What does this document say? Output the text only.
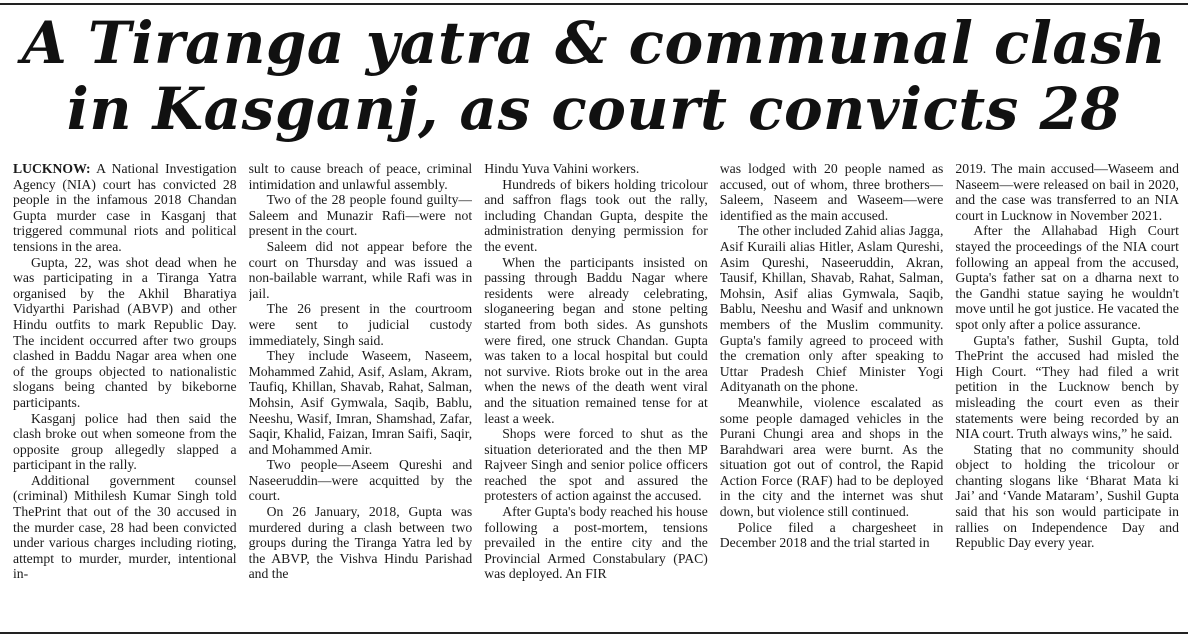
A Tiranga yatra & communal clash
in Kasganj, as court convicts 28

LUCKNOW: A National Investigation Agency (NIA) court has convicted 28 people in the infamous 2018 Chandan Gupta murder case in Kasganj that triggered communal riots and political tensions in the area.

Gupta, 22, was shot dead when he was participating in a Tiranga Yatra organised by the Akhil Bharatiya Vidyarthi Parishad (ABVP) and other Hindu outfits to mark Republic Day. The incident occurred after two groups clashed in Baddu Nagar area when one of the groups objected to nationalistic slogans being chanted by bikeborne participants.

Kasganj police had then said the clash broke out when someone from the opposite group allegedly slapped a participant in the rally.

Additional government counsel (criminal) Mithilesh Kumar Singh told ThePrint that out of the 30 accused in the murder case, 28 had been convicted under various charges including rioting, attempt to murder, murder, intentional in-

sult to cause breach of peace, criminal intimidation and unlawful assembly.

Two of the 28 people found guilty—Saleem and Munazir Rafi—were not present in the court.

Saleem did not appear before the court on Thursday and was issued a non-bailable warrant, while Rafi was in jail.

The 26 present in the courtroom were sent to judicial custody immediately, Singh said.

They include Waseem, Naseem, Mohammed Zahid, Asif, Aslam, Akram, Taufiq, Khillan, Shavab, Rahat, Salman, Mohsin, Asif Gymwala, Saqib, Bablu, Neeshu, Wasif, Imran, Shamshad, Zafar, Saqir, Khalid, Faizan, Imran Saifi, Saqir, and Mohammed Amir.

Two people—Aseem Qureshi and Naseeruddin—were acquitted by the court.

On 26 January, 2018, Gupta was murdered during a clash between two groups during the Tiranga Yatra led by the ABVP, the Vishva Hindu Parishad and the

Hindu Yuva Vahini workers.

Hundreds of bikers holding tricolour and saffron flags took out the rally, including Chandan Gupta, despite the administration denying permission for the event.

When the participants insisted on passing through Baddu Nagar where residents were already celebrating, sloganeering began and stone pelting started from both sides. As gunshots were fired, one struck Chandan. Gupta was taken to a local hospital but could not survive. Riots broke out in the area when the news of the death went viral and the situation remained tense for at least a week.

Shops were forced to shut as the situation deteriorated and the then MP Rajveer Singh and senior police officers reached the spot and assured the protesters of action against the accused.

After Gupta's body reached his house following a post-mortem, tensions prevailed in the entire city and the Provincial Armed Constabulary (PAC) was deployed. An FIR

was lodged with 20 people named as accused, out of whom, three brothers— Saleem, Naseem and Waseem—were identified as the main accused.

The other included Zahid alias Jagga, Asif Kuraili alias Hitler, Aslam Qureshi, Asim Qureshi, Naseeruddin, Akran, Tausif, Khillan, Shavab, Rahat, Salman, Mohsin, Asif alias Gymwala, Saqib, Bablu, Neeshu and Wasif and unknown members of the Muslim community. Gupta's family agreed to proceed with the cremation only after speaking to Uttar Pradesh Chief Minister Yogi Adityanath on the phone.

Meanwhile, violence escalated as some people damaged vehicles in the Purani Chungi area and shops in the Barahdwari area were burnt. As the situation got out of control, the Rapid Action Force (RAF) had to be deployed in the city and the internet was shut down, but violence still continued.

Police filed a chargesheet in December 2018 and the trial started in

2019. The main accused—Waseem and Naseem—were released on bail in 2020, and the case was transferred to an NIA court in Lucknow in November 2021.

After the Allahabad High Court stayed the proceedings of the NIA court following an appeal from the accused, Gupta's father sat on a dharna next to the Gandhi statue saying he wouldn't move until he got justice. He vacated the spot only after a police assurance.

Gupta's father, Sushil Gupta, told ThePrint the accused had misled the High Court. “They had filed a writ petition in the Lucknow bench by misleading the court even as their statements were being recorded by an NIA court. Truth always wins,” he said.

Stating that no community should object to holding the tricolour or chanting slogans like ‘Bharat Mata ki Jai’ and ‘Vande Mataram’, Sushil Gupta said that his son would participate in rallies on Independence Day and Republic Day every year.
